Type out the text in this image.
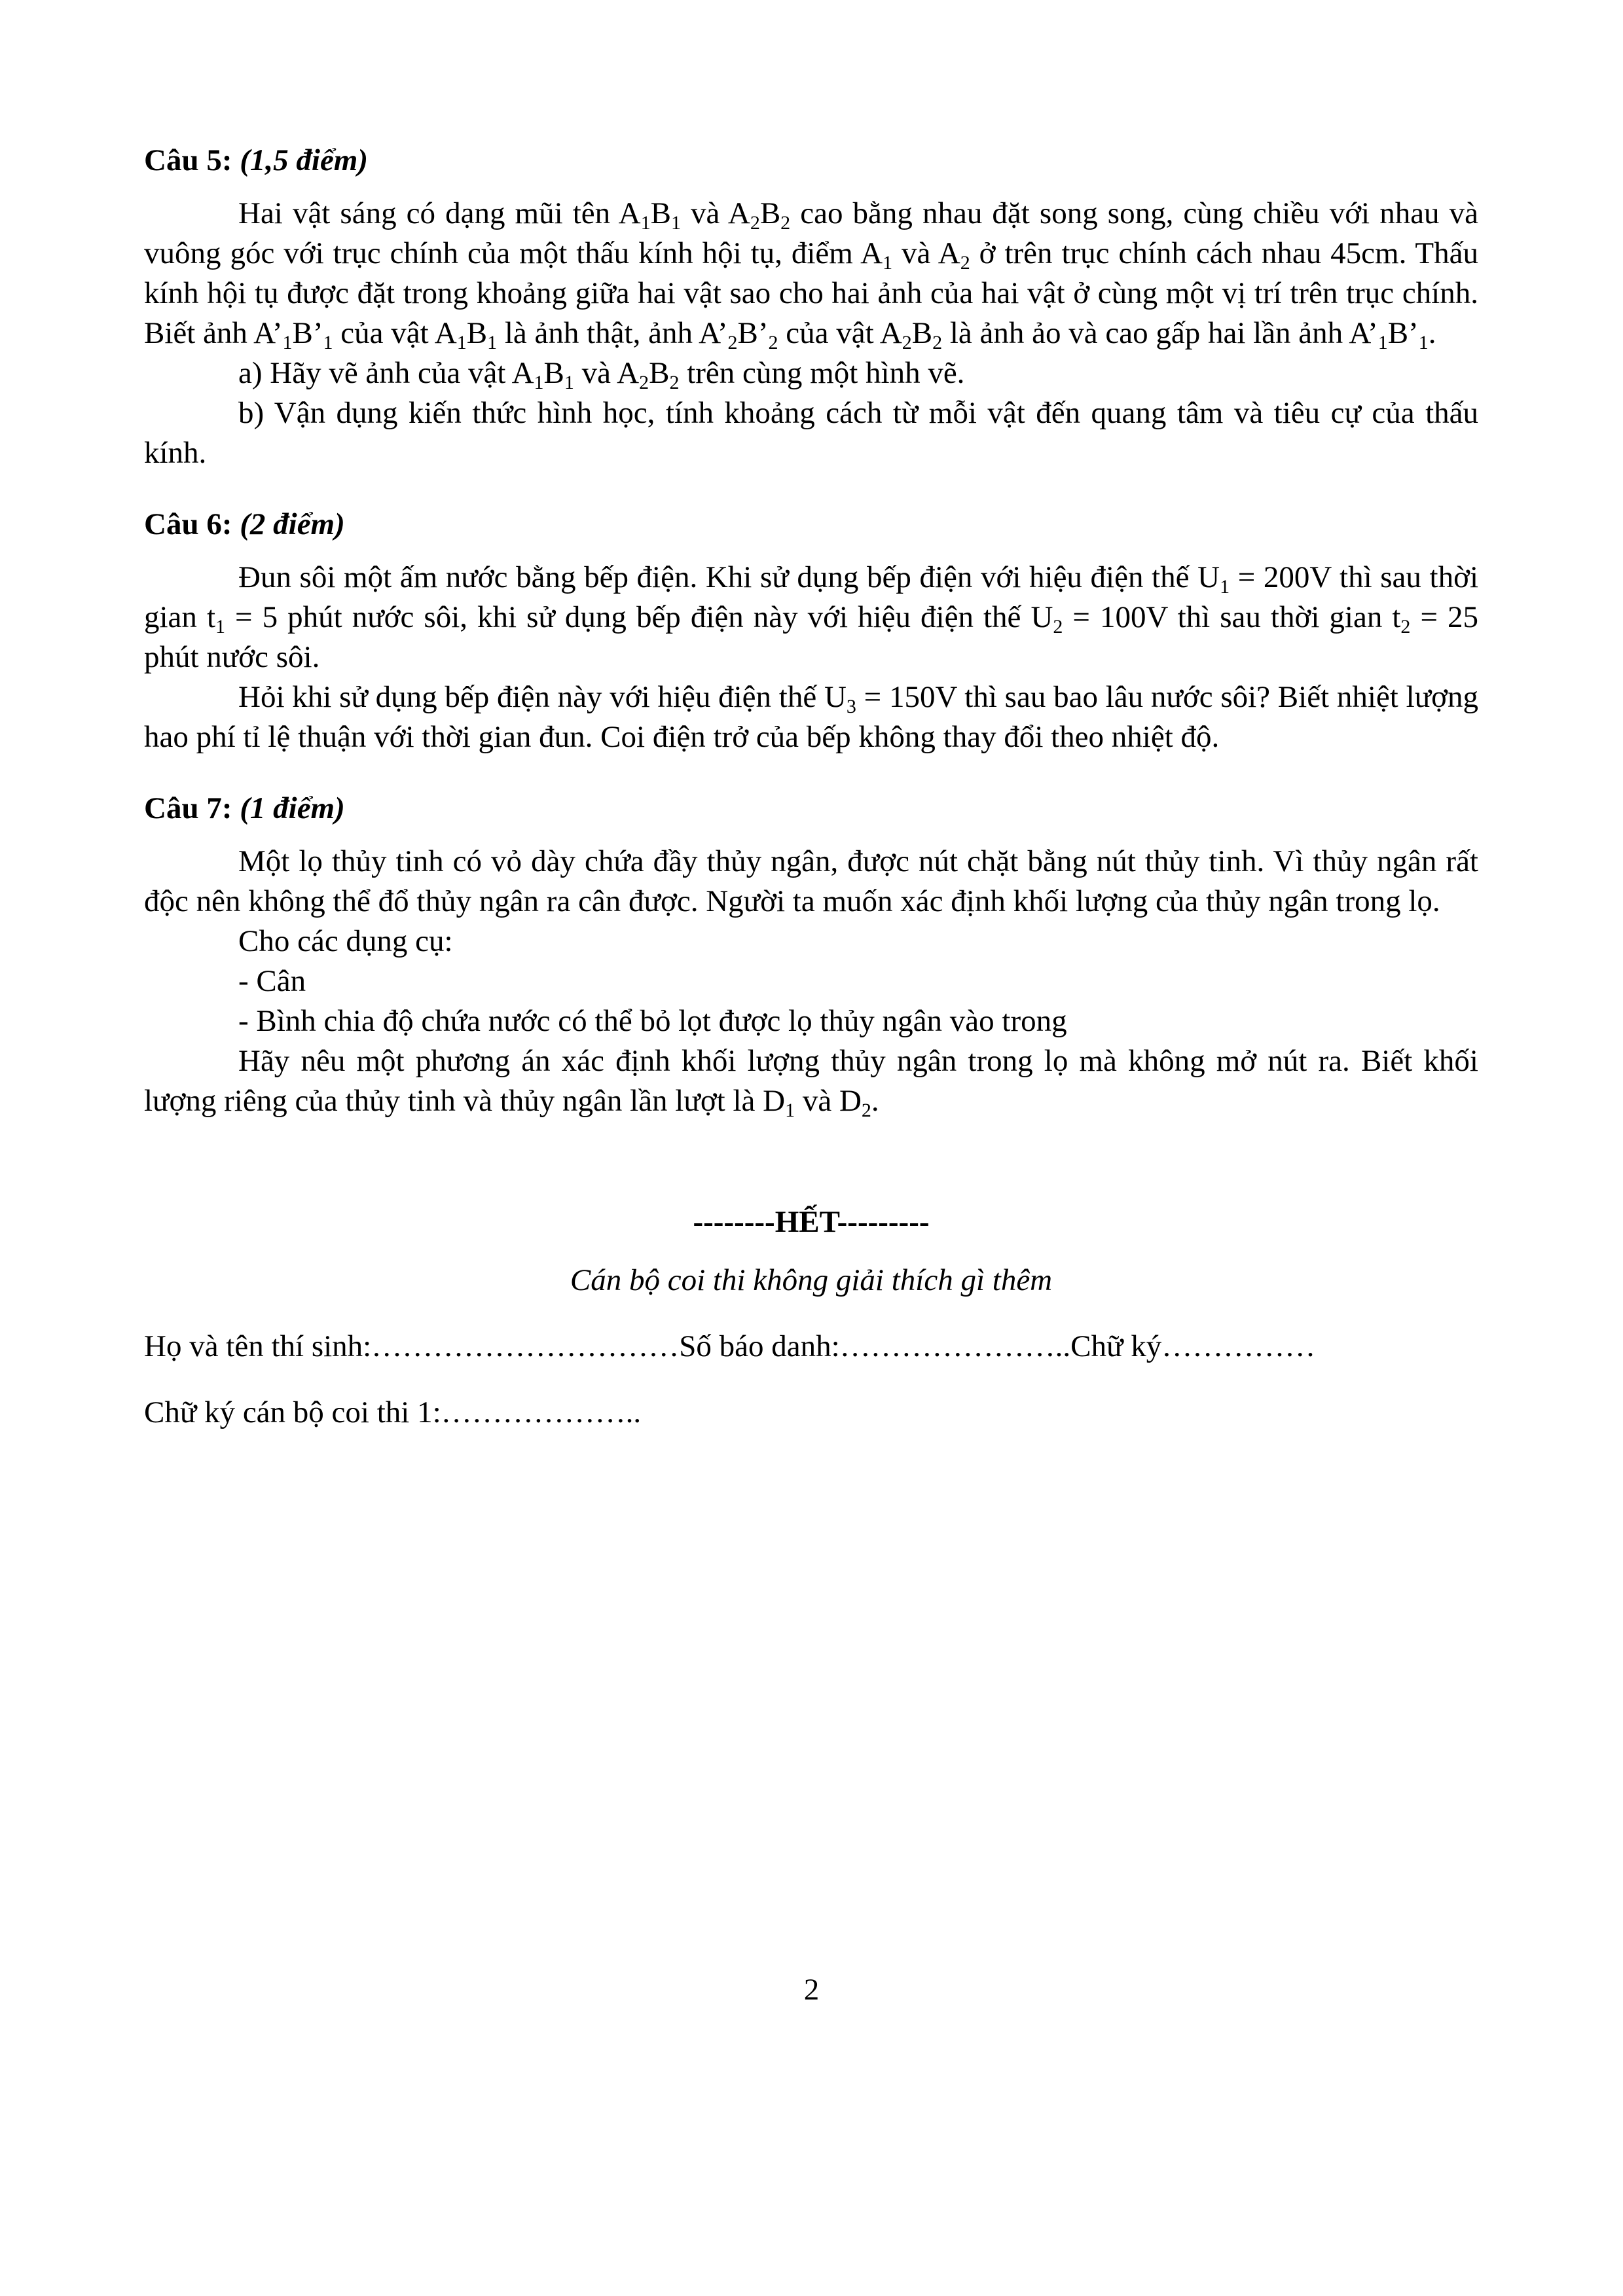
Câu 5: (1,5 điểm)

Hai vật sáng có dạng mũi tên $A_1B_1$ và $A_2B_2$ cao bằng nhau đặt song song, cùng chiều với nhau và vuông góc với trục chính của một thấu kính hội tụ, điểm $A_1$ và $A_2$ ở trên trục chính cách nhau 45cm. Thấu kính hội tụ được đặt trong khoảng giữa hai vật sao cho hai ảnh của hai vật ở cùng một vị trí trên trục chính. Biết ảnh $A’_1B’_1$ của vật $A_1B_1$ là ảnh thật, ảnh $A’_2B’_2$ của vật $A_2B_2$ là ảnh ảo và cao gấp hai lần ảnh $A’_1B’_1$.

a) Hãy vẽ ảnh của vật $A_1B_1$ và $A_2B_2$ trên cùng một hình vẽ.

b) Vận dụng kiến thức hình học, tính khoảng cách từ mỗi vật đến quang tâm và tiêu cự của thấu kính.

Câu 6: (2 điểm)

Đun sôi một ấm nước bằng bếp điện. Khi sử dụng bếp điện với hiệu điện thế $U_1 = 200V$ thì sau thời gian $t_1 = 5$ phút nước sôi, khi sử dụng bếp điện này với hiệu điện thế $U_2 = 100V$ thì sau thời gian $t_2 = 25$ phút nước sôi.

Hỏi khi sử dụng bếp điện này với hiệu điện thế $U_3 = 150V$ thì sau bao lâu nước sôi? Biết nhiệt lượng hao phí tỉ lệ thuận với thời gian đun. Coi điện trở của bếp không thay đổi theo nhiệt độ.

Câu 7: (1 điểm)

Một lọ thủy tinh có vỏ dày chứa đầy thủy ngân, được nút chặt bằng nút thủy tinh. Vì thủy ngân rất độc nên không thể đổ thủy ngân ra cân được. Người ta muốn xác định khối lượng của thủy ngân trong lọ.

Cho các dụng cụ:

- Cân

- Bình chia độ chứa nước có thể bỏ lọt được lọ thủy ngân vào trong

Hãy nêu một phương án xác định khối lượng thủy ngân trong lọ mà không mở nút ra. Biết khối lượng riêng của thủy tinh và thủy ngân lần lượt là $D_1$ và $D_2$.

--------HẾT---------

Cán bộ coi thi không giải thích gì thêm

Họ và tên thí sinh:…………………………Số báo danh:…………………..Chữ ký……………

Chữ ký cán bộ coi thi 1:………………..

2
